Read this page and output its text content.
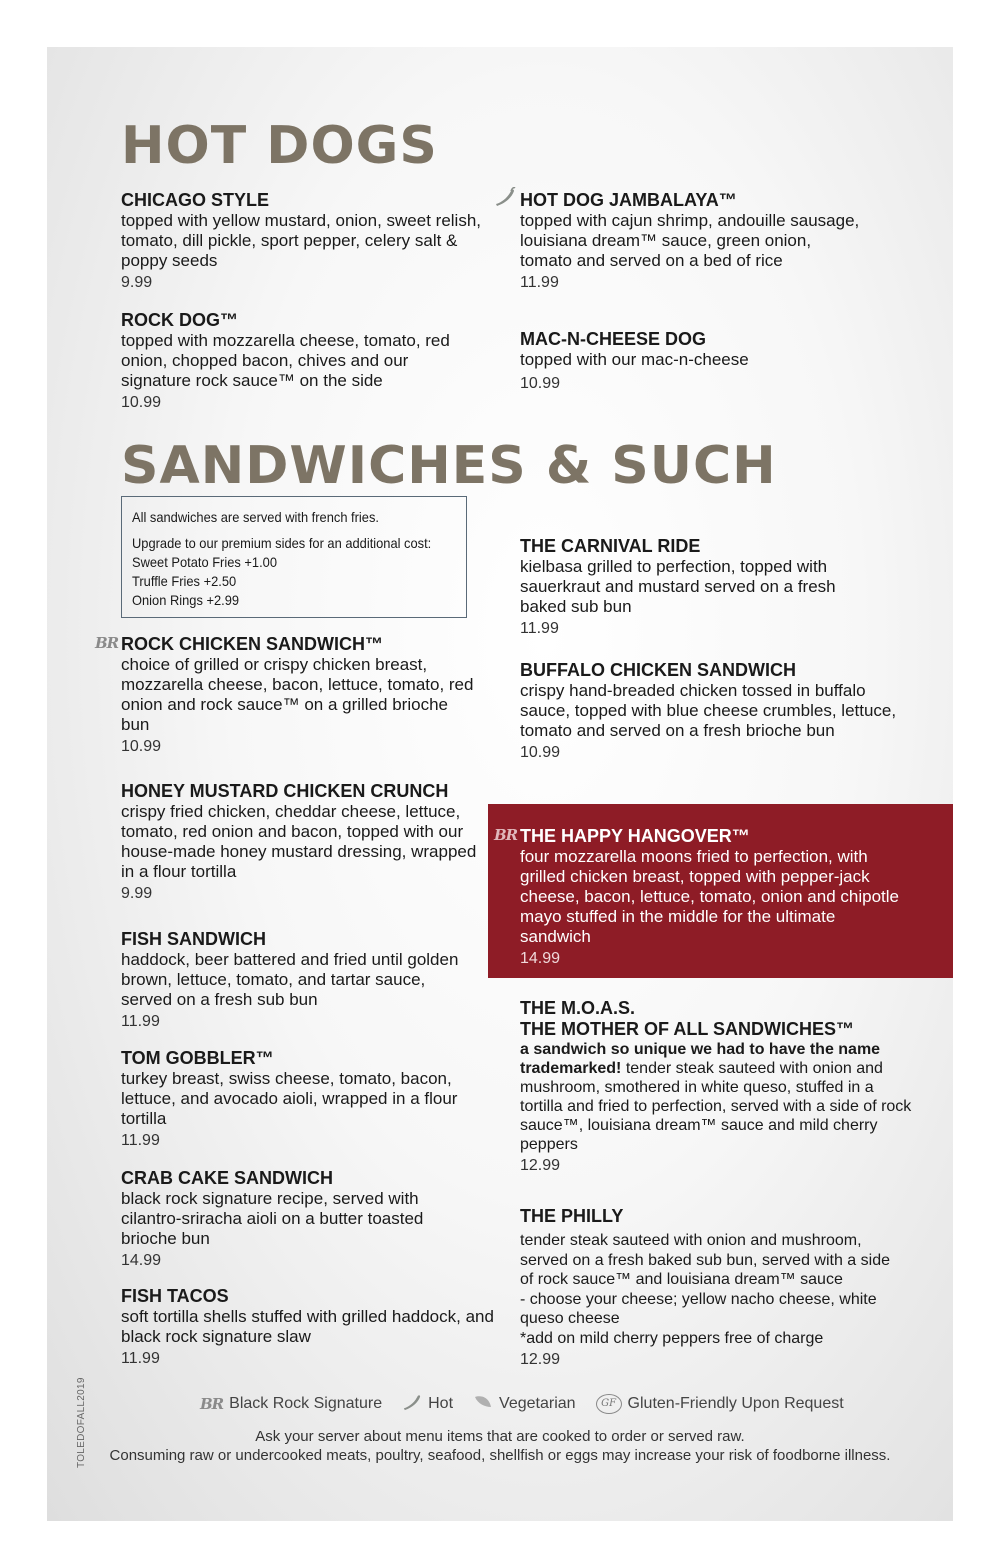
HOT DOGS
CHICAGO STYLE
topped with yellow mustard, onion, sweet relish, tomato, dill pickle, sport pepper, celery salt & poppy seeds
9.99
ROCK DOG™
topped with mozzarella cheese, tomato, red onion, chopped bacon, chives and our signature rock sauce™ on the side
10.99
HOT DOG JAMBALAYA™
topped with cajun shrimp, andouille sausage, louisiana dream™ sauce, green onion, tomato and served on a bed of rice
11.99
MAC-N-CHEESE DOG
topped with our mac-n-cheese
10.99
SANDWICHES & SUCH
All sandwiches are served with french fries.
Upgrade to our premium sides for an additional cost:
Sweet Potato Fries +1.00
Truffle Fries +2.50
Onion Rings +2.99
BR ROCK CHICKEN SANDWICH™
choice of grilled or crispy chicken breast, mozzarella cheese, bacon, lettuce, tomato, red onion and rock sauce™ on a grilled brioche bun
10.99
HONEY MUSTARD CHICKEN CRUNCH
crispy fried chicken, cheddar cheese, lettuce, tomato, red onion and bacon, topped with our house-made honey mustard dressing, wrapped in a flour tortilla
9.99
FISH SANDWICH
haddock, beer battered and fried until golden brown, lettuce, tomato, and tartar sauce, served on a fresh sub bun
11.99
TOM GOBBLER™
turkey breast, swiss cheese, tomato, bacon, lettuce, and avocado aioli, wrapped in a flour tortilla
11.99
CRAB CAKE SANDWICH
black rock signature recipe, served with cilantro-sriracha aioli on a butter toasted brioche bun
14.99
FISH TACOS
soft tortilla shells stuffed with grilled haddock, and black rock signature slaw
11.99
THE CARNIVAL RIDE
kielbasa grilled to perfection, topped with sauerkraut and mustard served on a fresh baked sub bun
11.99
BUFFALO CHICKEN SANDWICH
crispy hand-breaded chicken tossed in buffalo sauce, topped with blue cheese crumbles, lettuce, tomato and served on a fresh brioche bun
10.99
BR THE HAPPY HANGOVER™
four mozzarella moons fried to perfection, with grilled chicken breast, topped with pepper-jack cheese, bacon, lettuce, tomato, onion and chipotle mayo stuffed in the middle for the ultimate sandwich
14.99
THE M.O.A.S.
THE MOTHER OF ALL SANDWICHES™
a sandwich so unique we had to have the name trademarked! tender steak sauteed with onion and mushroom, smothered in white queso, stuffed in a tortilla and fried to perfection, served with a side of rock sauce™, louisiana dream™ sauce and mild cherry peppers
12.99
THE PHILLY
tender steak sauteed with onion and mushroom, served on a fresh baked sub bun, served with a side of rock sauce™ and louisiana dream™ sauce
- choose your cheese; yellow nacho cheese, white queso cheese
*add on mild cherry peppers free of charge
12.99
BR Black Rock Signature	Hot	Vegetarian	GF Gluten-Friendly Upon Request
Ask your server about menu items that are cooked to order or served raw.
Consuming raw or undercooked meats, poultry, seafood, shellfish or eggs may increase your risk of foodborne illness.
TOLEDOFALL2019
